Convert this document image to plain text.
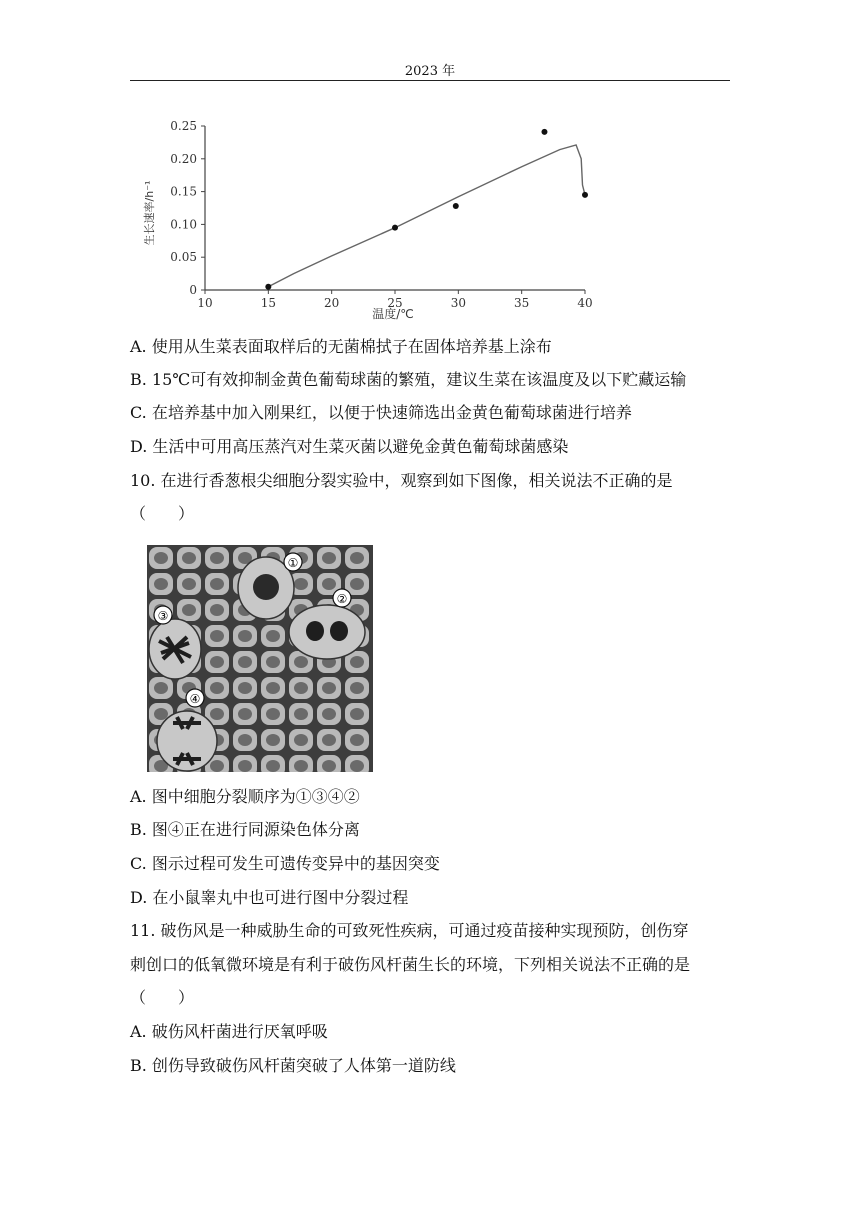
2023 年
0
0.05
0.10
0.15
0.20
0.25
10	15	20	25	30	35	40
生长速率/h⁻¹
温度/℃
A. 使用从生菜表面取样后的无菌棉拭子在固体培养基上涂布
B. 15℃可有效抑制金黄色葡萄球菌的繁殖，建议生菜在该温度及以下贮藏运输
C. 在培养基中加入刚果红，以便于快速筛选出金黄色葡萄球菌进行培养
D. 生活中可用高压蒸汽对生菜灭菌以避免金黄色葡萄球菌感染
10. 在进行香葱根尖细胞分裂实验中，观察到如下图像，相关说法不正确的是
（　　）
①
②
③
④
A. 图中细胞分裂顺序为①③④②
B. 图④正在进行同源染色体分离
C. 图示过程可发生可遗传变异中的基因突变
D. 在小鼠睾丸中也可进行图中分裂过程
11. 破伤风是一种威胁生命的可致死性疾病，可通过疫苗接种实现预防，创伤穿
刺创口的低氧微环境是有利于破伤风杆菌生长的环境，下列相关说法不正确的是
（　　）
A. 破伤风杆菌进行厌氧呼吸
B. 创伤导致破伤风杆菌突破了人体第一道防线
